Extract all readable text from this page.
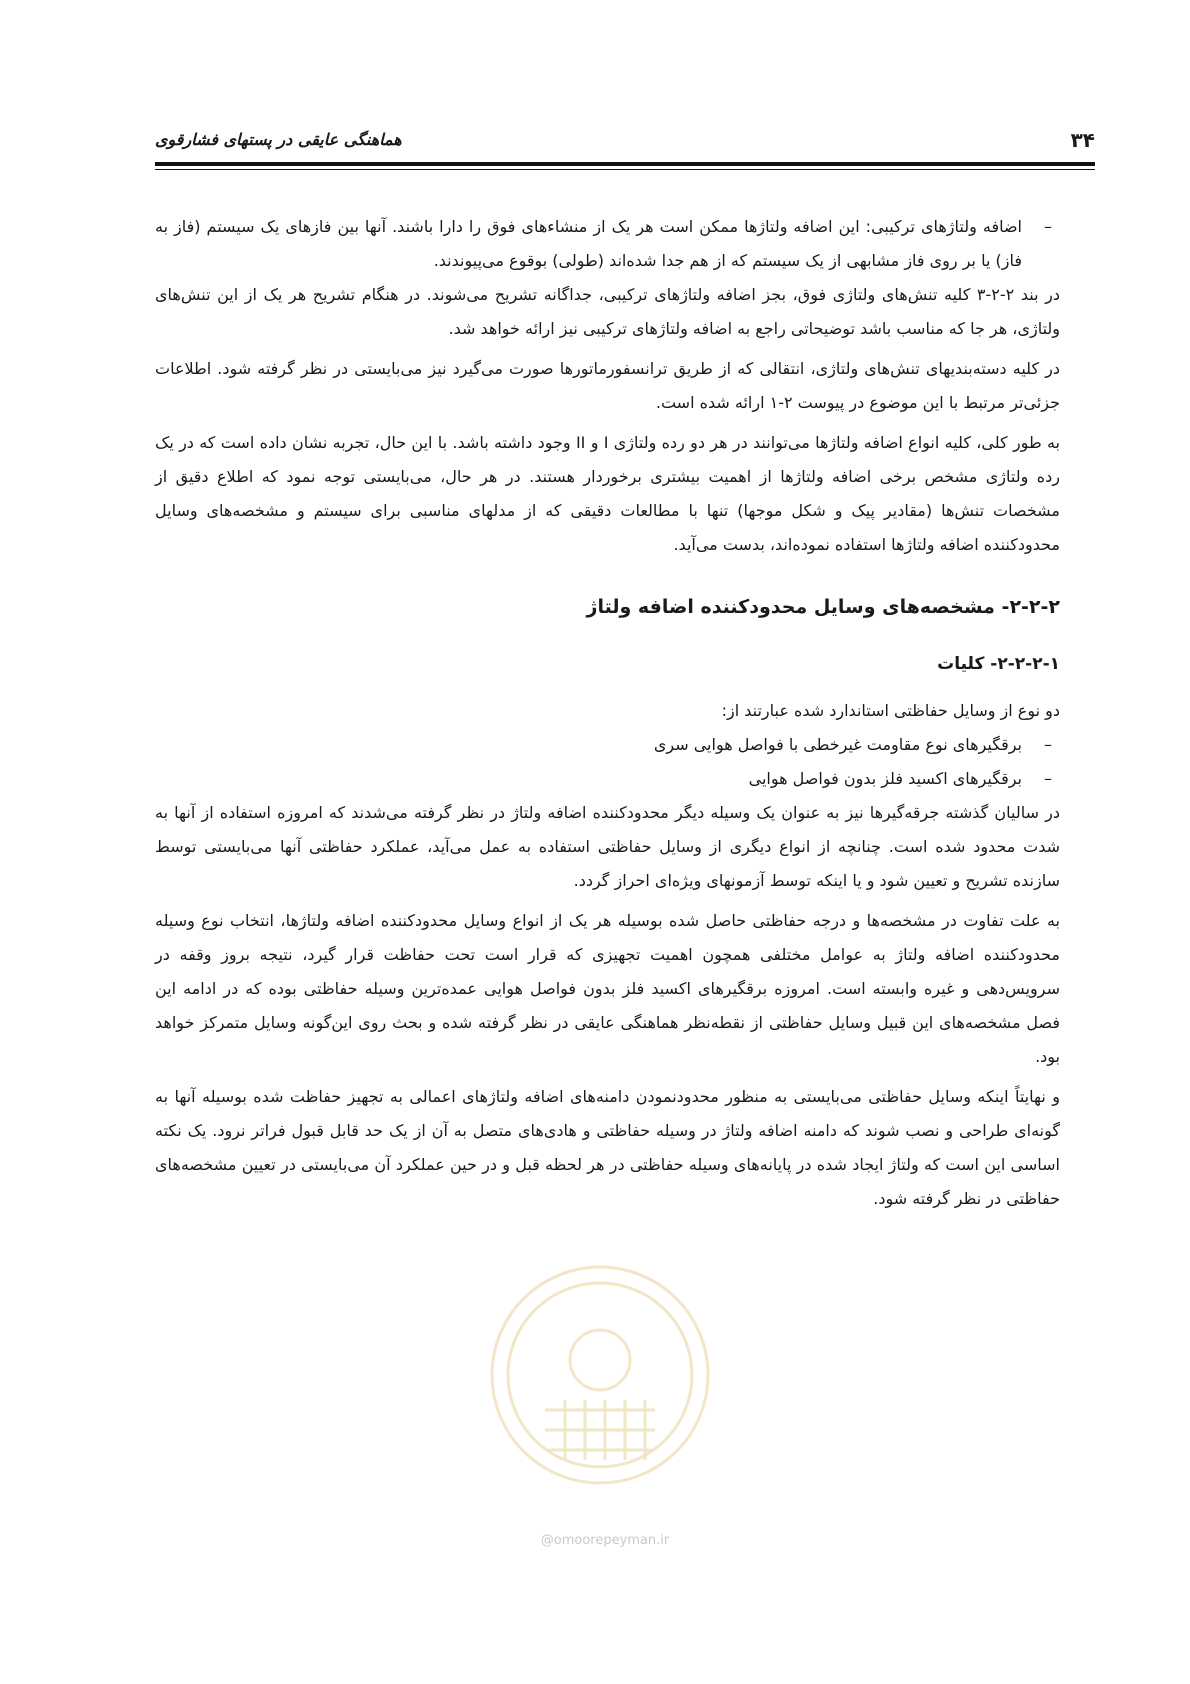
۳۴
هماهنگی عایقی در پستهای فشارقوی
–
اضافه ولتاژهای ترکیبی: این اضافه ولتاژها ممکن است هر یک از منشاءهای فوق را دارا باشند. آنها بین فازهای یک سیستم (فاز به فاز) یا بر روی فاز مشابهی از یک سیستم که از هم جدا شده‌اند (طولی) بوقوع می‌پیوندند.

در بند ۲-۲-۳ کلیه تنش‌های ولتاژی فوق، بجز اضافه ولتاژهای ترکیبی، جداگانه تشریح می‌شوند. در هنگام تشریح هر یک از این تنش‌های ولتاژی، هر جا که مناسب باشد توضیحاتی راجع به اضافه ولتاژهای ترکیبی نیز ارائه خواهد شد.

در کلیه دسته‌بندیهای تنش‌های ولتاژی، انتقالی که از طریق ترانسفورماتورها صورت می‌گیرد نیز می‌بایستی در نظر گرفته شود. اطلاعات جزئی‌تر مرتبط با این موضوع در پیوست ۲-۱ ارائه شده است.

به طور کلی، کلیه انواع اضافه ولتاژها می‌توانند در هر دو رده ولتاژی I و II وجود داشته باشد. با این حال، تجربه نشان داده است که در یک رده ولتاژی مشخص برخی اضافه ولتاژها از اهمیت بیشتری برخوردار هستند. در هر حال، می‌بایستی توجه نمود که اطلاع دقیق از مشخصات تنش‌ها (مقادیر پیک و شکل موجها) تنها با مطالعات دقیقی که از مدلهای مناسبی برای سیستم و مشخصه‌های وسایل محدودکننده اضافه ولتاژها استفاده نموده‌اند، بدست می‌آید.

۲-۲-۲- مشخصه‌های وسایل محدودکننده اضافه ولتاژ
۲-۲-۲-۱- کلیات

دو نوع از وسایل حفاظتی استاندارد شده عبارتند از:

–
برقگیرهای نوع مقاومت غیرخطی با فواصل هوایی سری
–
برقگیرهای اکسید فلز بدون فواصل هوایی

در سالیان گذشته جرقه‌گیرها نیز به عنوان یک وسیله دیگر محدودکننده اضافه ولتاژ در نظر گرفته می‌شدند که امروزه استفاده از آنها به شدت محدود شده است. چنانچه از انواع دیگری از وسایل حفاظتی استفاده به عمل می‌آید، عملکرد حفاظتی آنها می‌بایستی توسط سازنده تشریح و تعیین شود و یا اینکه توسط آزمونهای ویژه‌ای احراز گردد.

به علت تفاوت در مشخصه‌ها و درجه حفاظتی حاصل شده بوسیله هر یک از انواع وسایل محدودکننده اضافه ولتاژها، انتخاب نوع وسیله محدودکننده اضافه ولتاژ به عوامل مختلفی همچون اهمیت تجهیزی که قرار است تحت حفاظت قرار گیرد، نتیجه بروز وقفه در سرویس‌دهی و غیره وابسته است. امروزه برقگیرهای اکسید فلز بدون فواصل هوایی عمده‌ترین وسیله حفاظتی بوده که در ادامه این فصل مشخصه‌های این قبیل وسایل حفاظتی از نقطه‌نظر هماهنگی عایقی در نظر گرفته شده و بحث روی این‌گونه وسایل متمرکز خواهد بود.

و نهایتاً اینکه وسایل حفاظتی می‌بایستی به منظور محدودنمودن دامنه‌های اضافه ولتاژهای اعمالی به تجهیز حفاظت شده بوسیله آنها به گونه‌ای طراحی و نصب شوند که دامنه اضافه ولتاژ در وسیله حفاظتی و هادی‌های متصل به آن از یک حد قابل قبول فراتر نرود. یک نکته اساسی این است که ولتاژ ایجاد شده در پایانه‌های وسیله حفاظتی در هر لحظه قبل و در حین عملکرد آن می‌بایستی در تعیین مشخصه‌های حفاظتی در نظر گرفته شود.

@omoorepeyman.ir
